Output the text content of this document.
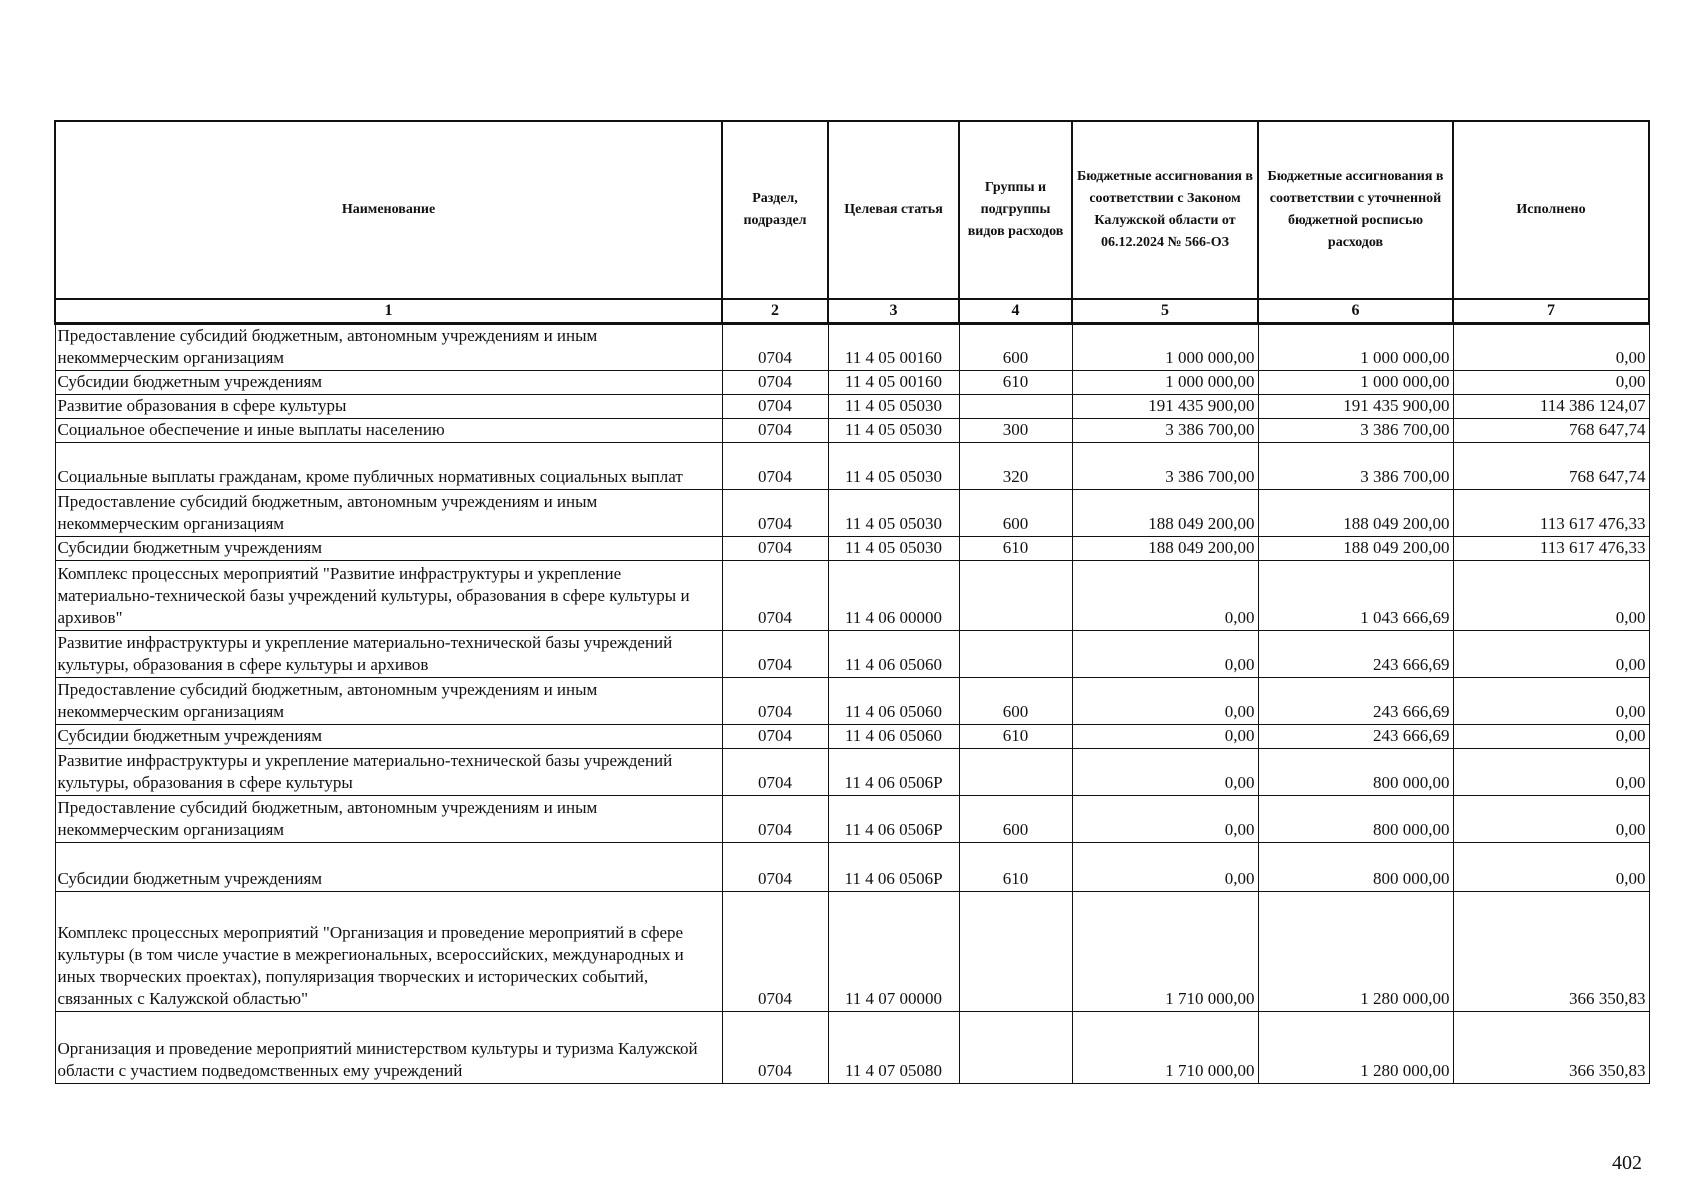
Наименование	Раздел, подраздел	Целевая статья	Группы и подгруппы видов расходов	Бюджетные ассигнования в соответствии с Законом Калужской области от 06.12.2024 № 566-ОЗ	Бюджетные ассигнования в соответствии с уточненной бюджетной росписью расходов	Исполнено
1	2	3	4	5	6	7
Предоставление субсидий бюджетным, автономным учреждениям и иным некоммерческим организациям	0704	11 4 05 00160	600	1 000 000,00	1 000 000,00	0,00
Субсидии бюджетным учреждениям	0704	11 4 05 00160	610	1 000 000,00	1 000 000,00	0,00
Развитие образования в сфере культуры	0704	11 4 05 05030		191 435 900,00	191 435 900,00	114 386 124,07
Социальное обеспечение и иные выплаты населению	0704	11 4 05 05030	300	3 386 700,00	3 386 700,00	768 647,74
Социальные выплаты гражданам, кроме публичных нормативных социальных выплат	0704	11 4 05 05030	320	3 386 700,00	3 386 700,00	768 647,74
Предоставление субсидий бюджетным, автономным учреждениям и иным некоммерческим организациям	0704	11 4 05 05030	600	188 049 200,00	188 049 200,00	113 617 476,33
Субсидии бюджетным учреждениям	0704	11 4 05 05030	610	188 049 200,00	188 049 200,00	113 617 476,33
Комплекс процессных мероприятий "Развитие инфраструктуры и укрепление материально-технической базы учреждений культуры, образования в сфере культуры и архивов"	0704	11 4 06 00000		0,00	1 043 666,69	0,00
Развитие инфраструктуры и укрепление материально-технической базы учреждений культуры, образования в сфере культуры и архивов	0704	11 4 06 05060		0,00	243 666,69	0,00
Предоставление субсидий бюджетным, автономным учреждениям и иным некоммерческим организациям	0704	11 4 06 05060	600	0,00	243 666,69	0,00
Субсидии бюджетным учреждениям	0704	11 4 06 05060	610	0,00	243 666,69	0,00
Развитие инфраструктуры и укрепление материально-технической базы учреждений культуры, образования в сфере культуры	0704	11 4 06 0506Р		0,00	800 000,00	0,00
Предоставление субсидий бюджетным, автономным учреждениям и иным некоммерческим организациям	0704	11 4 06 0506Р	600	0,00	800 000,00	0,00
Субсидии бюджетным учреждениям	0704	11 4 06 0506Р	610	0,00	800 000,00	0,00
Комплекс процессных мероприятий "Организация и проведение мероприятий в сфере культуры (в том числе участие в межрегиональных, всероссийских, международных и иных творческих проектах), популяризация творческих и исторических событий, связанных с Калужской областью"	0704	11 4 07 00000		1 710 000,00	1 280 000,00	366 350,83
Организация и проведение мероприятий министерством культуры и туризма Калужской области с участием подведомственных ему учреждений	0704	11 4 07 05080		1 710 000,00	1 280 000,00	366 350,83
402
